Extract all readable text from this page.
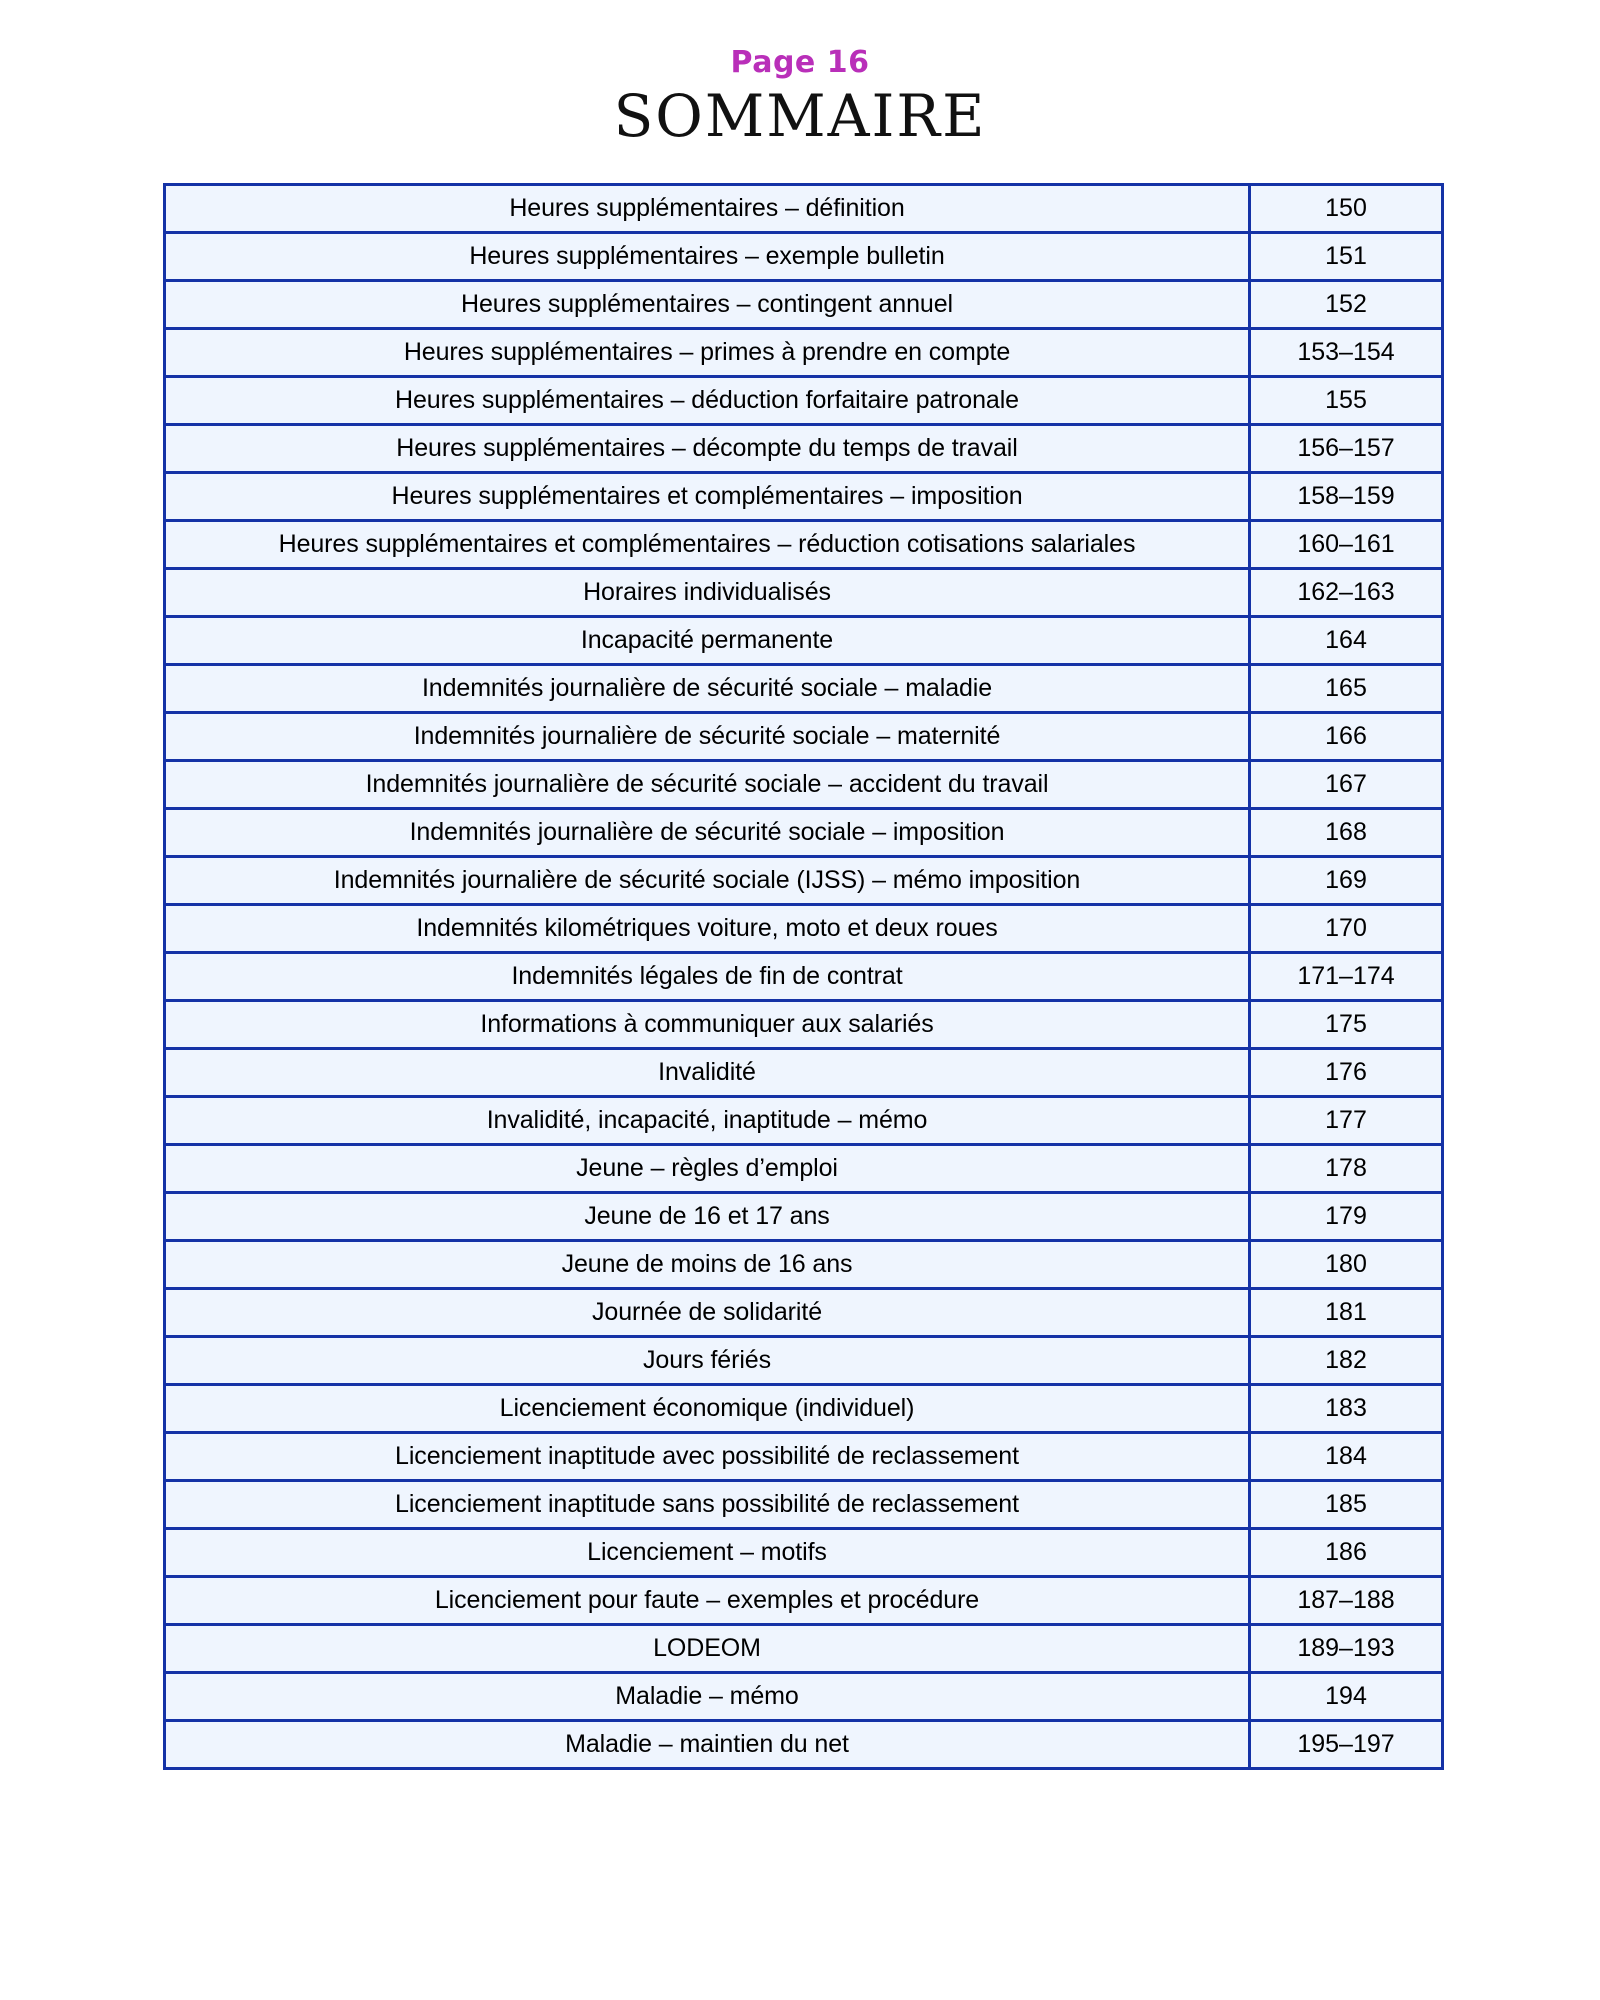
Page 16
SOMMAIRE
Heures supplémentaires – définition	150
Heures supplémentaires – exemple bulletin	151
Heures supplémentaires – contingent annuel	152
Heures supplémentaires – primes à prendre en compte	153–154
Heures supplémentaires – déduction forfaitaire patronale	155
Heures supplémentaires – décompte du temps de travail	156–157
Heures supplémentaires et complémentaires – imposition	158–159
Heures supplémentaires et complémentaires – réduction cotisations salariales	160–161
Horaires individualisés	162–163
Incapacité permanente	164
Indemnités journalière de sécurité sociale – maladie	165
Indemnités journalière de sécurité sociale – maternité	166
Indemnités journalière de sécurité sociale – accident du travail	167
Indemnités journalière de sécurité sociale – imposition	168
Indemnités journalière de sécurité sociale (IJSS) – mémo imposition	169
Indemnités kilométriques voiture, moto et deux roues	170
Indemnités légales de fin de contrat	171–174
Informations à communiquer aux salariés	175
Invalidité	176
Invalidité, incapacité, inaptitude – mémo	177
Jeune – règles d’emploi	178
Jeune de 16 et 17 ans	179
Jeune de moins de 16 ans	180
Journée de solidarité	181
Jours fériés	182
Licenciement économique (individuel)	183
Licenciement inaptitude avec possibilité de reclassement	184
Licenciement inaptitude sans possibilité de reclassement	185
Licenciement – motifs	186
Licenciement pour faute – exemples et procédure	187–188
LODEOM	189–193
Maladie – mémo	194
Maladie – maintien du net	195–197
